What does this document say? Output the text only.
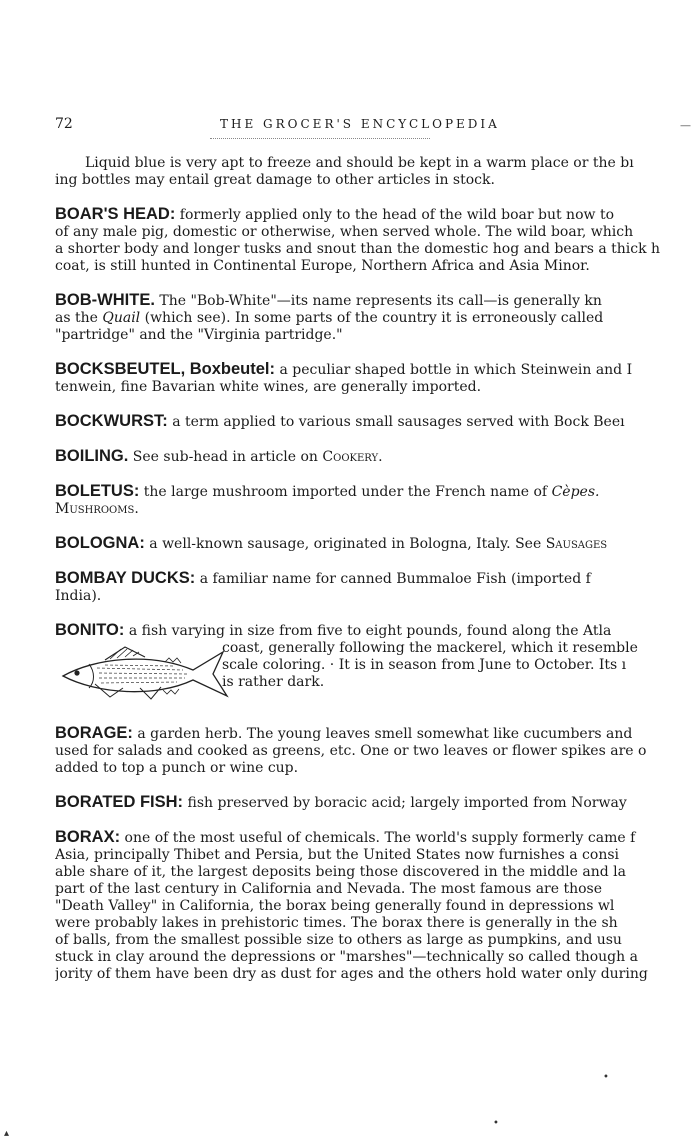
72	THE GROCER'S ENCYCLOPEDIA	—
Liquid blue is very apt to freeze and should be kept in a warm place or the bı
ing bottles may entail great damage to other articles in stock.
BOAR'S HEAD: formerly applied only to the head of the wild boar but now to
of any male pig, domestic or otherwise, when served whole. The wild boar, which
a shorter body and longer tusks and snout than the domestic hog and bears a thick h
coat, is still hunted in Continental Europe, Northern Africa and Asia Minor.
BOB-WHITE. The "Bob-White"—its name represents its call—is generally kn
as the Quail (which see). In some parts of the country it is erroneously called
"partridge" and the "Virginia partridge."
BOCKSBEUTEL, Boxbeutel: a peculiar shaped bottle in which Steinwein and I
tenwein, fine Bavarian white wines, are generally imported.
BOCKWURST: a term applied to various small sausages served with Bock Beeı
BOILING. See sub-head in article on Cookery.
BOLETUS: the large mushroom imported under the French name of Cèpes.
Mushrooms.
BOLOGNA: a well-known sausage, originated in Bologna, Italy. See Sausages
BOMBAY DUCKS: a familiar name for canned Bummaloe Fish (imported f
India).
BONITO: a fish varying in size from five to eight pounds, found along the Atla
coast, generally following the mackerel, which it resemble
scale coloring. · It is in season from June to October. Its ı
is rather dark.
BORAGE: a garden herb. The young leaves smell somewhat like cucumbers and
used for salads and cooked as greens, etc. One or two leaves or flower spikes are o
added to top a punch or wine cup.
BORATED FISH: fish preserved by boracic acid; largely imported from Norway
BORAX: one of the most useful of chemicals. The world's supply formerly came f
Asia, principally Thibet and Persia, but the United States now furnishes a consi
able share of it, the largest deposits being those discovered in the middle and la
part of the last century in California and Nevada. The most famous are those
"Death Valley" in California, the borax being generally found in depressions wl
were probably lakes in prehistoric times. The borax there is generally in the sh
of balls, from the smallest possible size to others as large as pumpkins, and usu
stuck in clay around the depressions or "marshes"—technically so called though a
jority of them have been dry as dust for ages and the others hold water only during
•
•
▴
